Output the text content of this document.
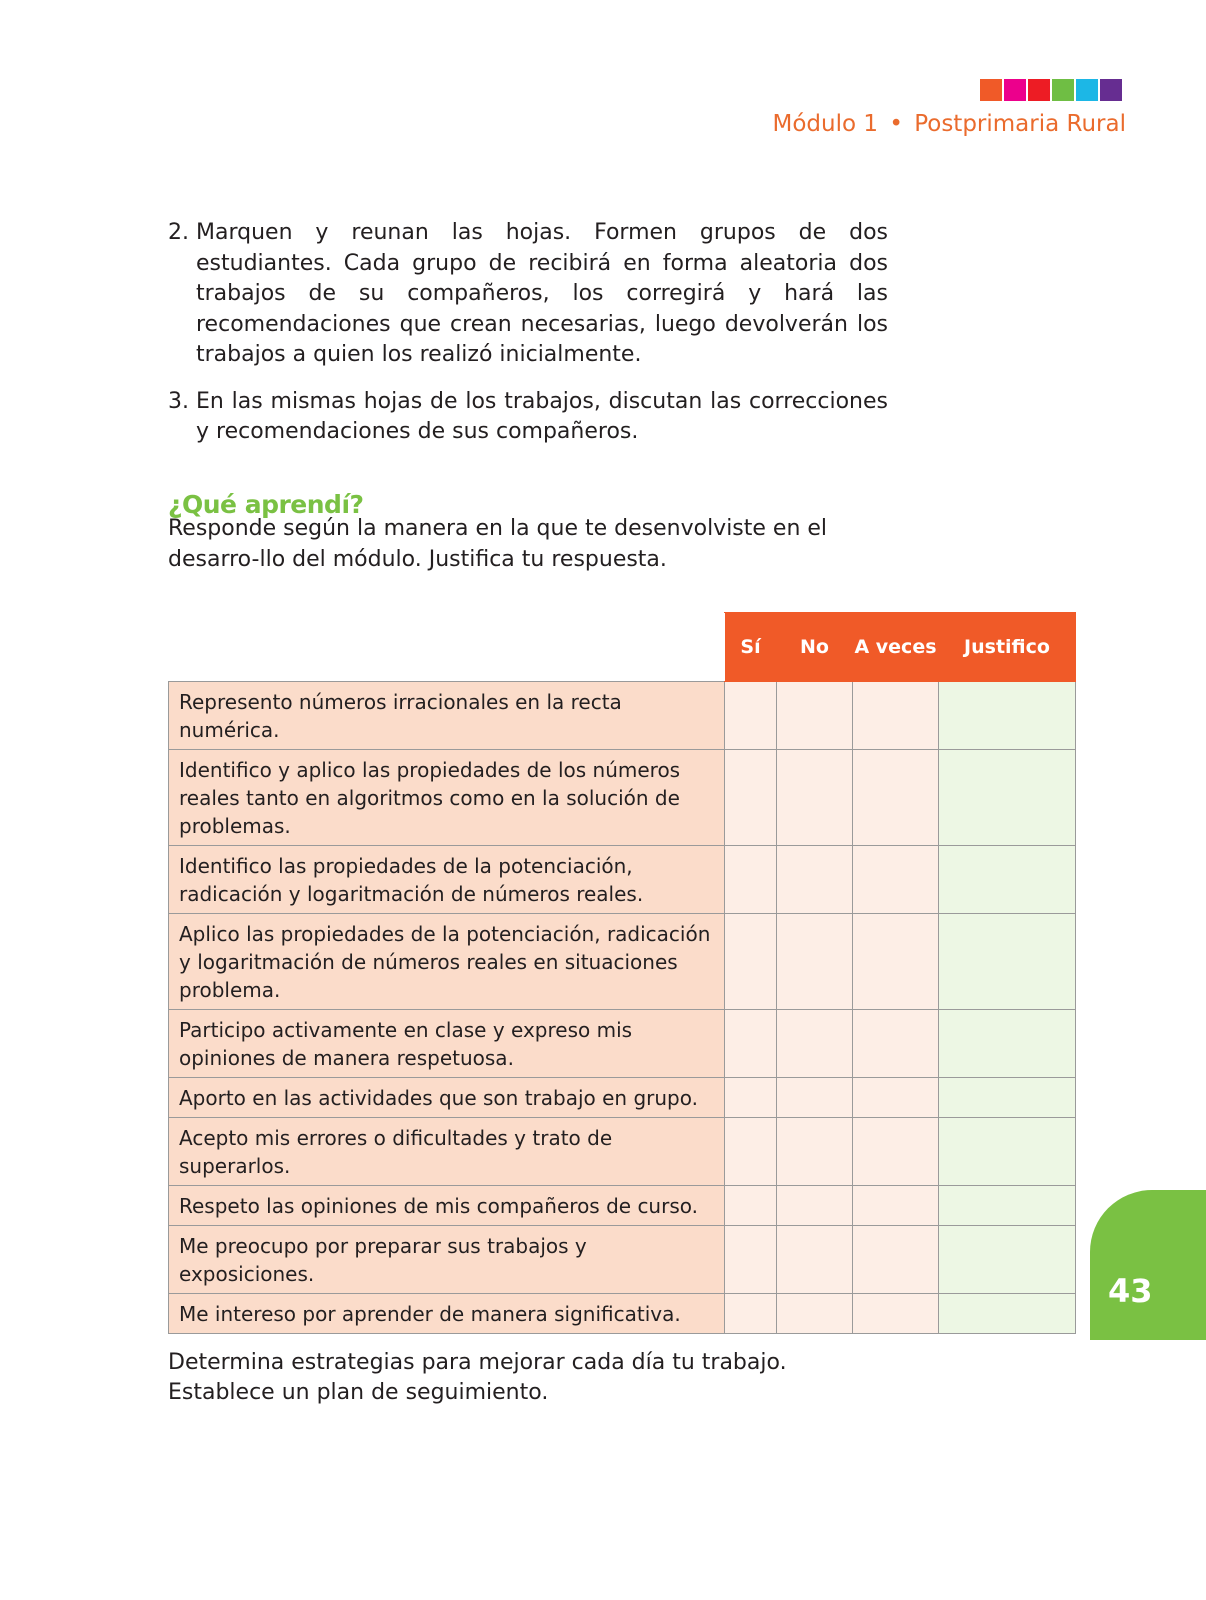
Módulo 1 • Postprimaria Rural
2. Marquen y reunan las hojas. Formen grupos de dos estudiantes. Cada grupo de recibirá en forma aleatoria dos trabajos de su compañeros, los corregirá y hará las recomendaciones que crean necesarias, luego devolverán los trabajos a quien los realizó inicialmente.
3. En las mismas hojas de los trabajos, discutan las correcciones y recomendaciones de sus compañeros.
¿Qué aprendí?
Responde según la manera en la que te desenvolviste en el desarro-llo del módulo. Justifica tu respuesta.
	Sí	No	A veces	Justifico
Represento números irracionales en la recta numérica.				
Identifico y aplico las propiedades de los números reales tanto en algoritmos como en la solución de problemas.				
Identifico las propiedades de la potenciación, radicación y logaritmación de números reales.				
Aplico las propiedades de la potenciación, radicación y logaritmación de números reales en situaciones problema.				
Participo activamente en clase y expreso mis opiniones de manera respetuosa.				
Aporto en las actividades que son trabajo en grupo.				
Acepto mis errores o dificultades y trato de superarlos.				
Respeto las opiniones de mis compañeros de curso.				
Me preocupo por preparar sus trabajos y exposiciones.				
Me intereso por aprender de manera significativa.				
Determina estrategias para mejorar cada día tu trabajo. Establece un plan de seguimiento.
43
